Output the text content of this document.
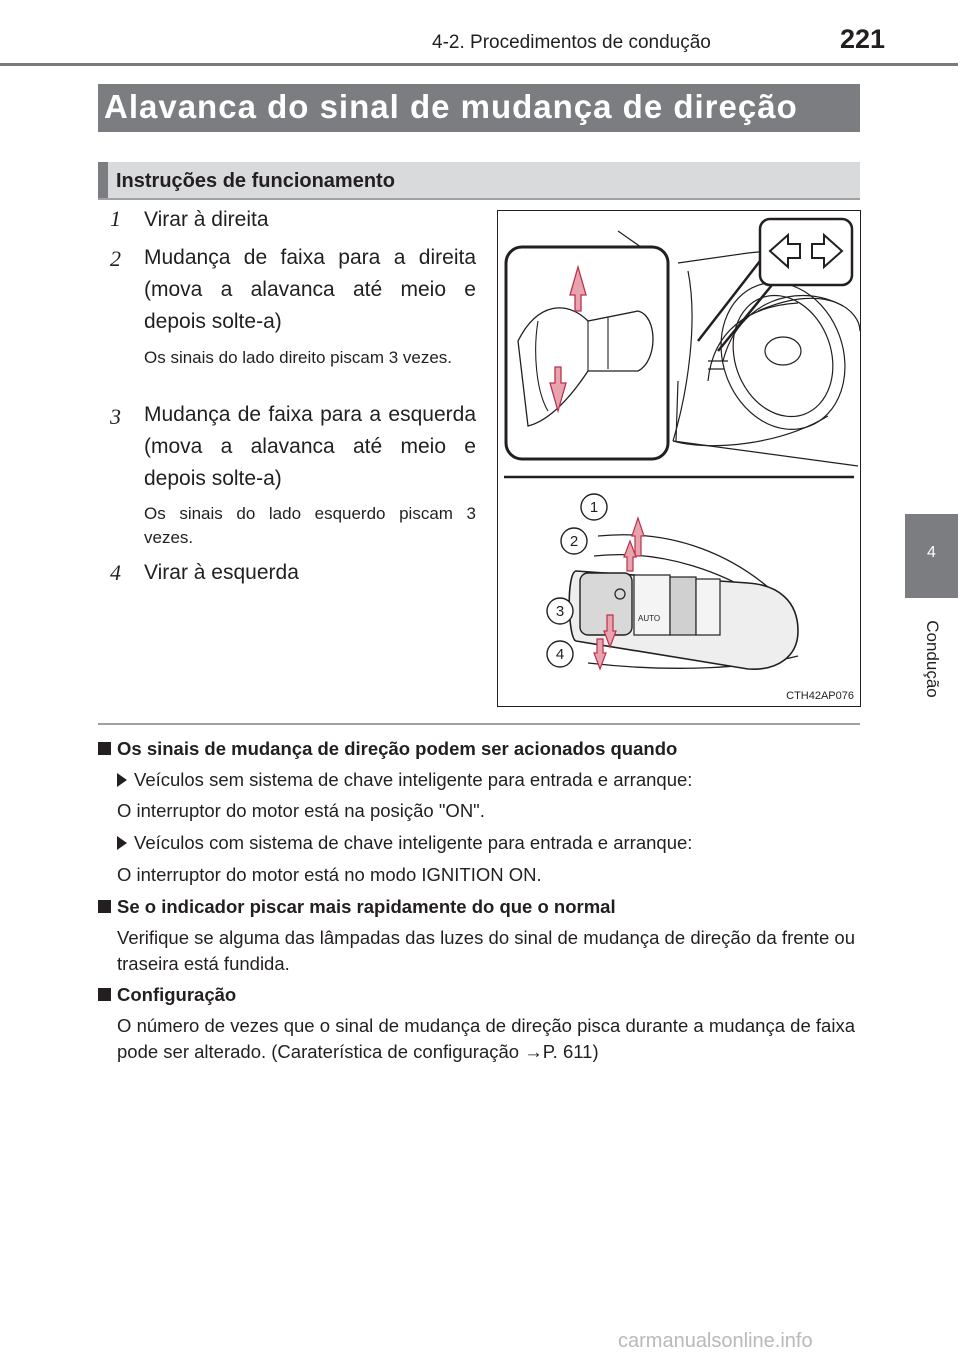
4-2. Procedimentos de condução	221
4
Condução
Alavanca do sinal de mudança de direção
Instruções de funcionamento
1 Virar à direita
2 Mudança de faixa para a direita (mova a alavanca até meio e depois solte-a)
Os sinais do lado direito piscam 3 vezes.
3 Mudança de faixa para a esquerda (mova a alavanca até meio e depois solte-a)
Os sinais do lado esquerdo piscam 3 vezes.
4 Virar à esquerda
AUTO
1
2
3
4
CTH42AP076
Os sinais de mudança de direção podem ser acionados quando
Veículos sem sistema de chave inteligente para entrada e arranque:
O interruptor do motor está na posição "ON".
Veículos com sistema de chave inteligente para entrada e arranque:
O interruptor do motor está no modo IGNITION ON.
Se o indicador piscar mais rapidamente do que o normal
Verifique se alguma das lâmpadas das luzes do sinal de mudança de direção da frente ou traseira está fundida.
Configuração
O número de vezes que o sinal de mudança de direção pisca durante a mudança de faixa pode ser alterado. (Caraterística de configuração →P. 611)
carmanualsonline.info
